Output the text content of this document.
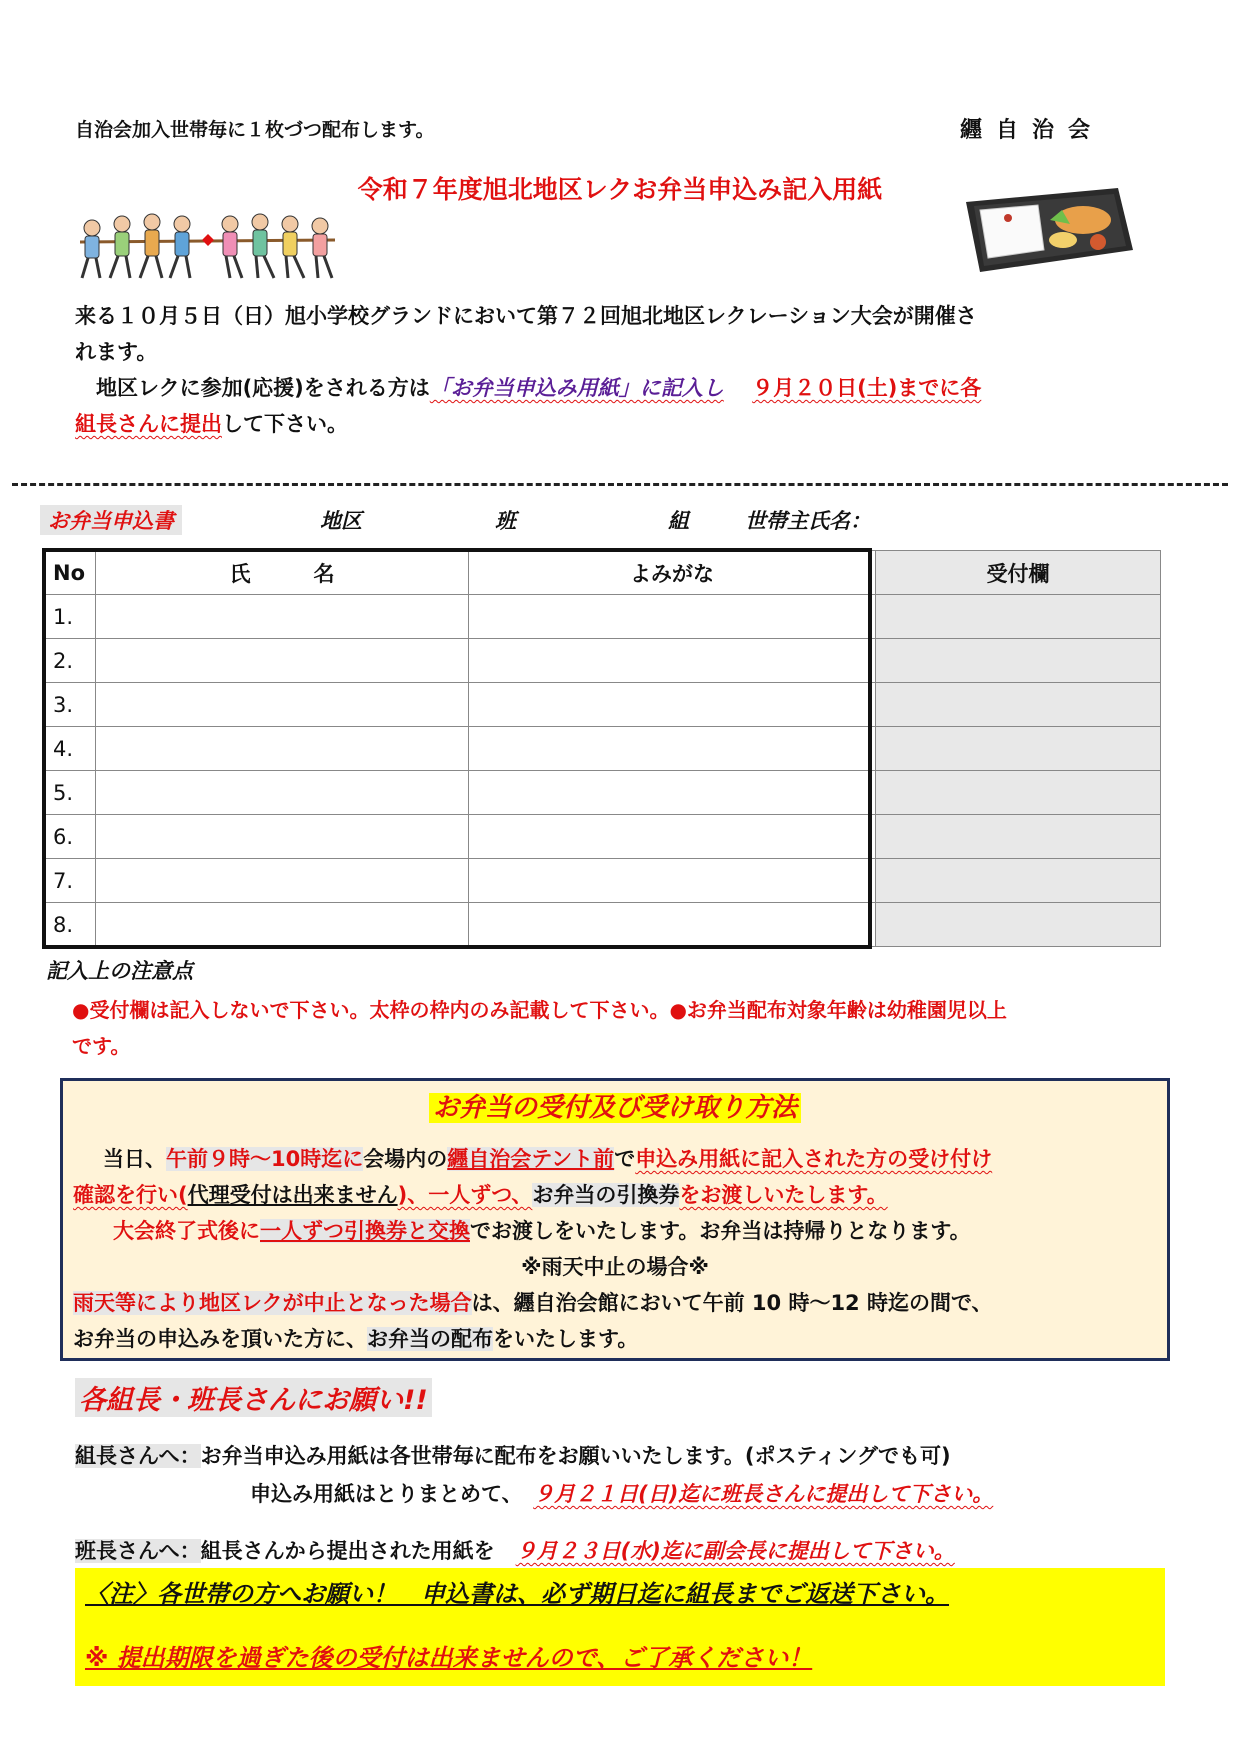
自治会加入世帯毎に１枚づつ配布します。	纒自治会
令和７年度旭北地区レクお弁当申込み記入用紙

来る１０月５日（日）旭小学校グランドにおいて第７２回旭北地区レクレーション大会が開催さ

れます。

　地区レクに参加(応援)をされる方は「お弁当申込み用紙」に記入し　 ９月２０日(土)までに各

組長さんに提出して下さい。

お弁当申込書	地区	班	組	世帯主氏名：
No	氏　　　名	よみがな	受付欄
1.			
2.			
3.			
4.			
5.			
6.			
7.			
8.			
記入上の注意点
●受付欄は記入しないで下さい。太枠の枠内のみ記載して下さい。●お弁当配布対象年齢は幼稚園児以上
です。
お弁当の受付及び受け取り方法
当日、午前９時～10時迄に会場内の纒自治会テント前で申込み用紙に記入された方の受け付け
確認を行い(代理受付は出来ません)、一人ずつ、お弁当の引換券をお渡しいたします。
大会終了式後に一人ずつ引換券と交換でお渡しをいたします。お弁当は持帰りとなります。
※雨天中止の場合※
雨天等により地区レクが中止となった場合は、纒自治会館において午前 10 時～12 時迄の間で、
お弁当の申込みを頂いた方に、お弁当の配布をいたします。
各組長・班長さんにお願い!!
組長さんへ：お弁当申込み用紙は各世帯毎に配布をお願いいたします。(ポスティングでも可)
申込み用紙はとりまとめて、　 ９月２１日(日)迄に班長さんに提出して下さい。
班長さんへ：組長さんから提出された用紙を　 ９月２３日(水)迄に副会長に提出して下さい。
〈注〉各世帯の方へお願い！　申込書は、必ず期日迄に組長までご返送下さい。
※ 提出期限を過ぎた後の受付は出来ませんので、ご了承ください！
